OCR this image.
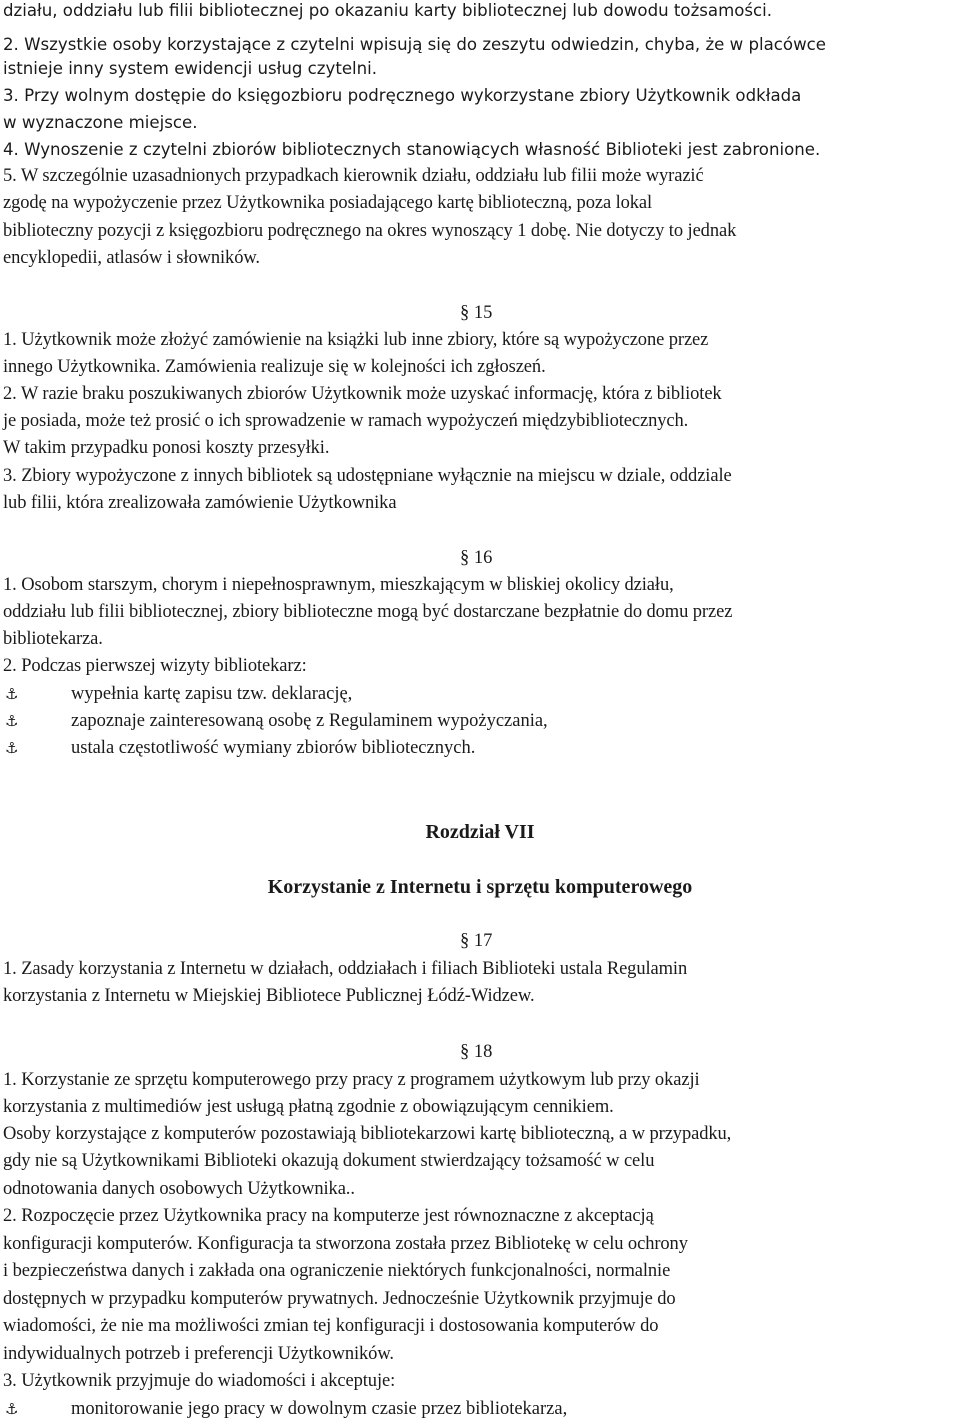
działu, oddziału lub filii bibliotecznej po okazaniu karty bibliotecznej lub dowodu tożsamości.
2. Wszystkie osoby korzystające z czytelni wpisują się do zeszytu odwiedzin, chyba, że w placówce
istnieje inny system ewidencji usług czytelni.
3. Przy wolnym dostępie do księgozbioru podręcznego wykorzystane zbiory Użytkownik odkłada
w wyznaczone miejsce.
4. Wynoszenie z czytelni zbiorów bibliotecznych stanowiących własność Biblioteki jest zabronione.
5. W szczególnie uzasadnionych przypadkach kierownik działu, oddziału lub filii może wyrazić
zgodę na wypożyczenie przez Użytkownika posiadającego kartę biblioteczną, poza lokal
biblioteczny pozycji z księgozbioru podręcznego na okres wynoszący 1 dobę. Nie dotyczy to jednak
encyklopedii, atlasów i słowników.
§ 15
1. Użytkownik może złożyć zamówienie na książki lub inne zbiory, które są wypożyczone przez
innego Użytkownika. Zamówienia realizuje się w kolejności ich zgłoszeń.
2. W razie braku poszukiwanych zbiorów Użytkownik może uzyskać informację, która z bibliotek
je posiada, może też prosić o ich sprowadzenie w ramach wypożyczeń międzybibliotecznych.
W takim przypadku ponosi koszty przesyłki.
3. Zbiory wypożyczone z innych bibliotek są udostępniane wyłącznie na miejscu w dziale, oddziale
lub filii, która zrealizowała zamówienie Użytkownika
§ 16
1. Osobom starszym, chorym i niepełnosprawnym, mieszkającym w bliskiej okolicy działu,
oddziału lub filii bibliotecznej, zbiory biblioteczne mogą być dostarczane bezpłatnie do domu przez
bibliotekarza.
2. Podczas pierwszej wizyty bibliotekarz:
⚓	wypełnia kartę zapisu tzw. deklarację,
⚓	zapoznaje zainteresowaną osobę z Regulaminem wypożyczania,
⚓	ustala częstotliwość wymiany zbiorów bibliotecznych.
Rozdział VII
Korzystanie z Internetu i sprzętu komputerowego
§ 17
1. Zasady korzystania z Internetu w działach, oddziałach i filiach Biblioteki ustala Regulamin
korzystania z Internetu w Miejskiej Bibliotece Publicznej Łódź-Widzew.
§ 18
1. Korzystanie ze sprzętu komputerowego przy pracy z programem użytkowym lub przy okazji
korzystania z multimediów jest usługą płatną zgodnie z obowiązującym cennikiem.
Osoby korzystające z komputerów pozostawiają bibliotekarzowi kartę biblioteczną, a w przypadku,
gdy nie są Użytkownikami Biblioteki okazują dokument stwierdzający tożsamość w celu
odnotowania danych osobowych Użytkownika..
2. Rozpoczęcie przez Użytkownika pracy na komputerze jest równoznaczne z akceptacją
konfiguracji komputerów. Konfiguracja ta stworzona została przez Bibliotekę w celu ochrony
i bezpieczeństwa danych i zakłada ona ograniczenie niektórych funkcjonalności, normalnie
dostępnych w przypadku komputerów prywatnych. Jednocześnie Użytkownik przyjmuje do
wiadomości, że nie ma możliwości zmian tej konfiguracji i dostosowania komputerów do
indywidualnych potrzeb i preferencji Użytkowników.
3. Użytkownik przyjmuje do wiadomości i akceptuje:
⚓	monitorowanie jego pracy w dowolnym czasie przez bibliotekarza,
